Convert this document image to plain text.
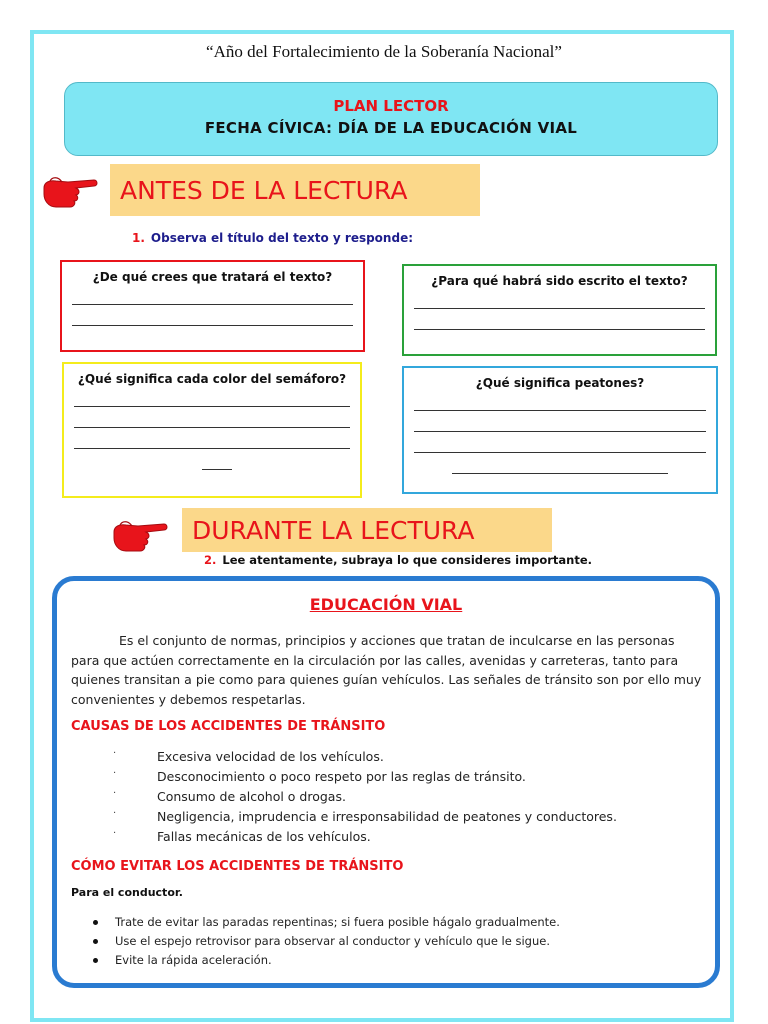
“Año del Fortalecimiento de la Soberanía Nacional”
PLAN LECTOR
FECHA CÍVICA: DÍA DE LA EDUCACIÓN VIAL
ANTES DE LA LECTURA
1. Observa el título del texto y responde:
¿De qué crees que tratará el texto?	¿Para qué habrá sido escrito el texto?
¿Qué significa cada color del semáforo?	¿Qué significa peatones?
DURANTE LA LECTURA
2. Lee atentamente, subraya lo que consideres importante.
EDUCACIÓN VIAL
Es el conjunto de normas, principios y acciones que tratan de inculcarse en las personas para que actúen correctamente en la circulación por las calles, avenidas y carreteras, tanto para quienes transitan a pie como para quienes guían vehículos. Las señales de tránsito son por ello muy convenientes y debemos respetarlas.
CAUSAS DE LOS ACCIDENTES DE TRÁNSITO
·	Excesiva velocidad de los vehículos.
·	Desconocimiento o poco respeto por las reglas de tránsito.
·	Consumo de alcohol o drogas.
·	Negligencia, imprudencia e irresponsabilidad de peatones y conductores.
·	Fallas mecánicas de los vehículos.
CÓMO EVITAR LOS ACCIDENTES DE TRÁNSITO
Para el conductor.
Trate de evitar las paradas repentinas; si fuera posible hágalo gradualmente.
Use el espejo retrovisor para observar al conductor y vehículo que le sigue.
Evite la rápida aceleración.
